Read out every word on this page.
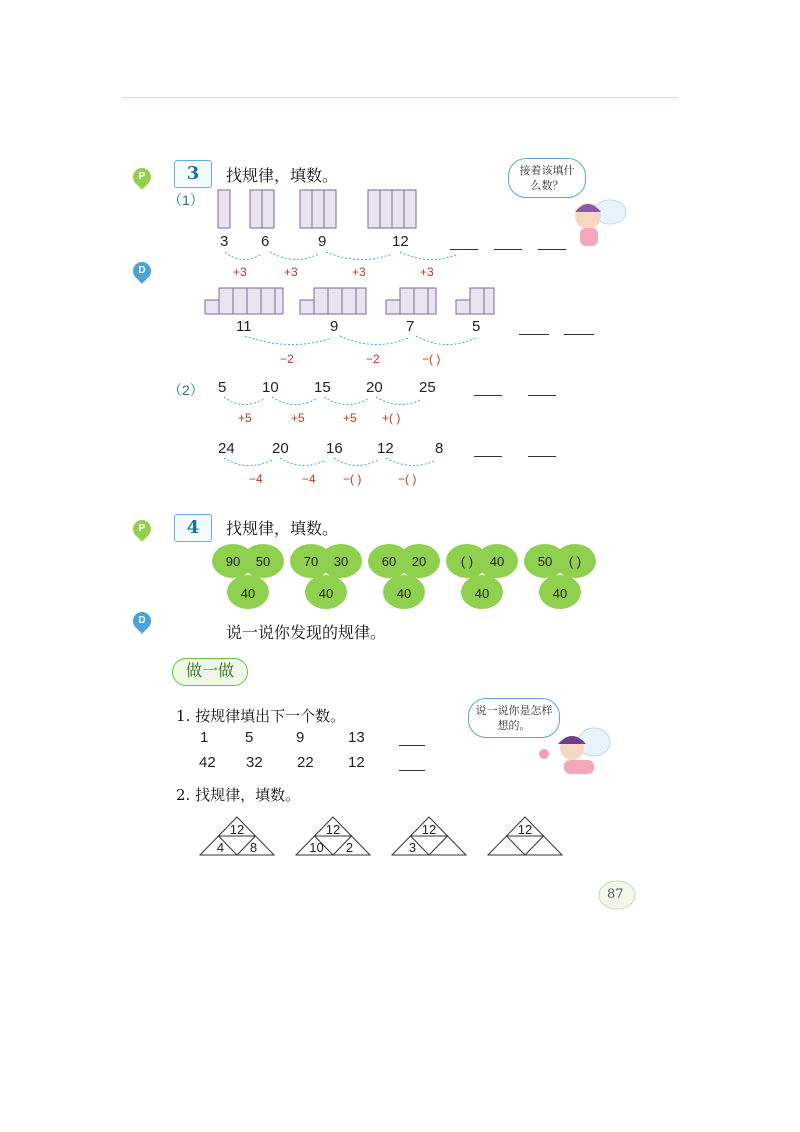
P	3	找规律，填数。	接着该填什么数？
（1）
D
3 6	9	12
+3	+3	+3	+3
11	9	7	5
−2	−2	−( )
（2） 5 10 15 20 25
+5	+5	+5 +( )
24 20 16 12	8
−4	−4 −( )	−( )
P	4	找规律，填数。
90 50
40
70 30
40
60 20
40
( ) 40
40
50 ( )
40
D
说一说你发现的规律。
做一做
说一说你是怎样想的。
1. 按规律填出下一个数。
1 5	9	13
42 32 22 12
2. 找规律，填数。
12
4 8
12
10 2
12
3
12
87
